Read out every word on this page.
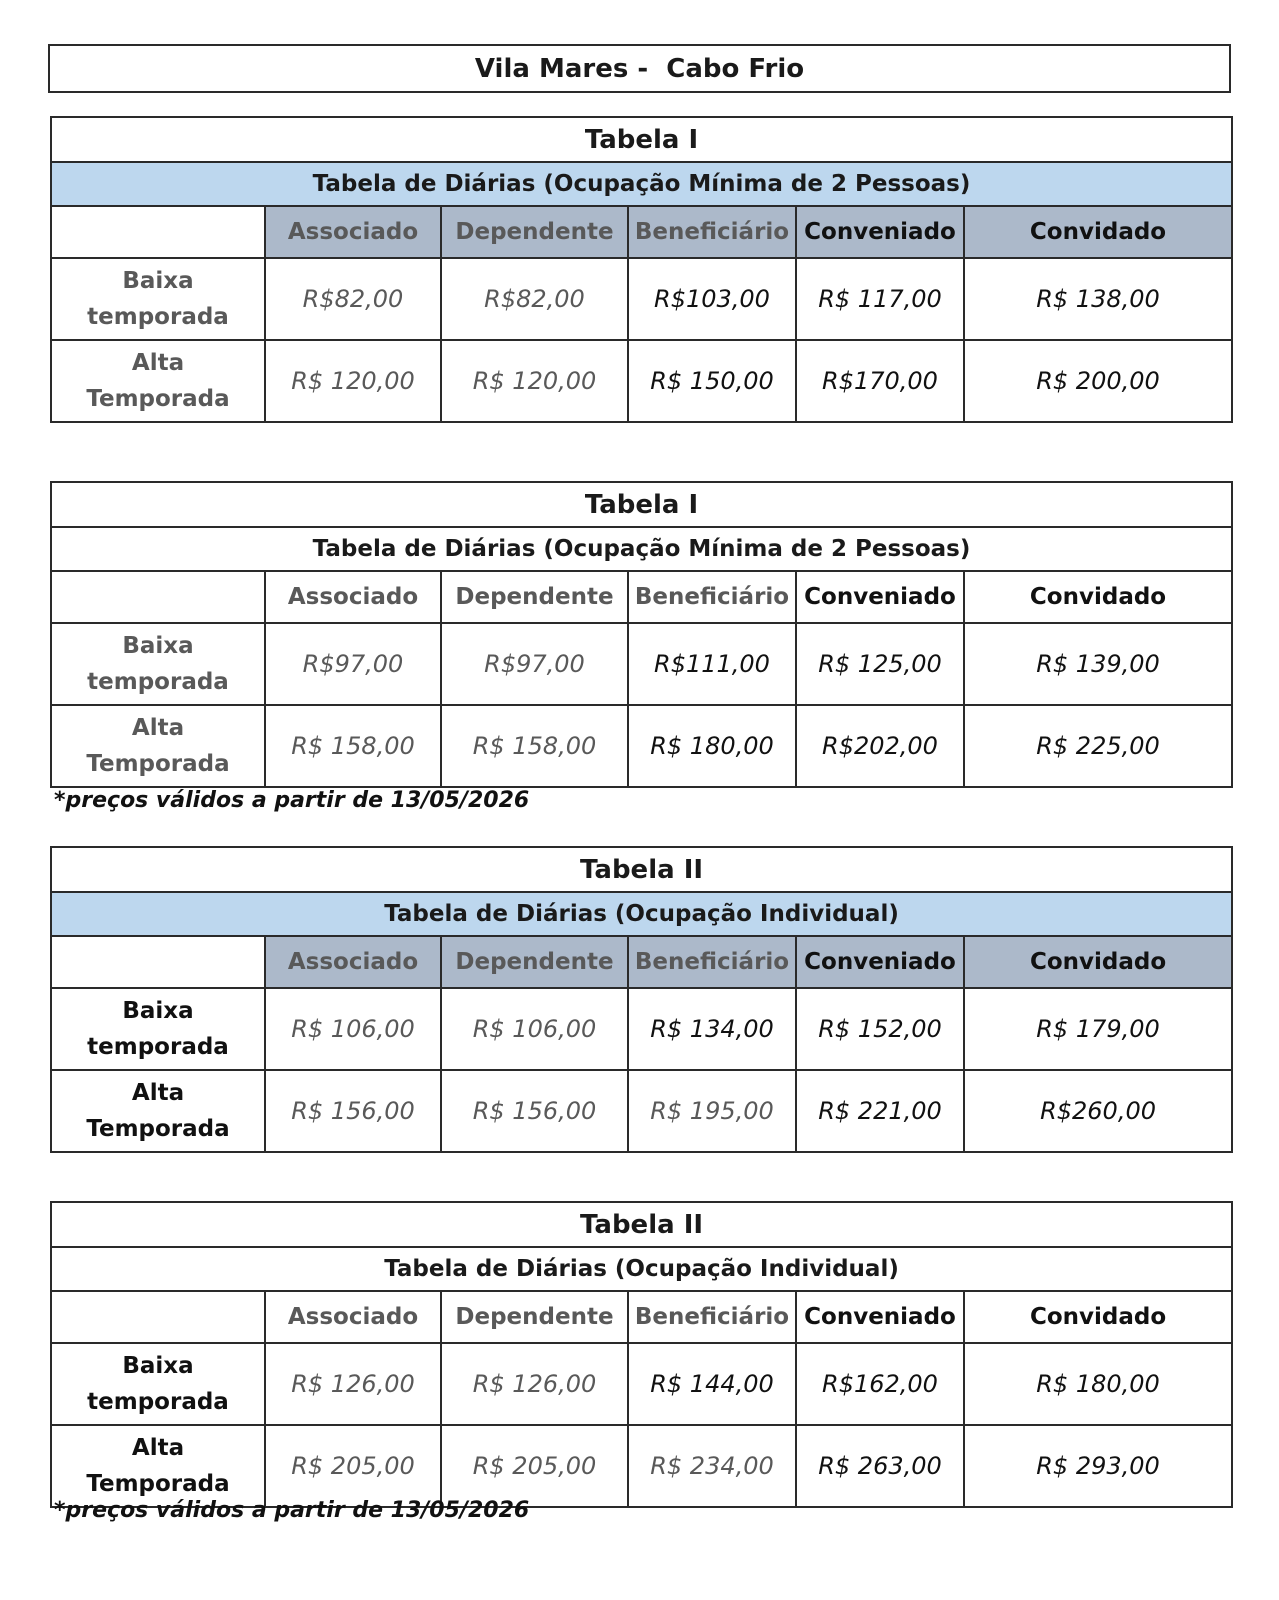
Vila Mares -  Cabo Frio
Tabela I					
Tabela de Diárias (Ocupação Mínima de 2 Pessoas)					
	Associado	Dependente	Beneficiário	Conveniado	Convidado

Baixa
temporada	R$82,00	R$82,00	R$103,00	R$ 117,00	R$ 138,00

Alta
Temporada	R$ 120,00	R$ 120,00	R$ 150,00	R$170,00	R$ 200,00
Tabela I					
Tabela de Diárias (Ocupação Mínima de 2 Pessoas)					
	Associado	Dependente	Beneficiário	Conveniado	Convidado

Baixa
temporada	R$97,00	R$97,00	R$111,00	R$ 125,00	R$ 139,00

Alta
Temporada	R$ 158,00	R$ 158,00	R$ 180,00	R$202,00	R$ 225,00
*preços válidos a partir de 13/05/2026
Tabela II					
Tabela de Diárias (Ocupação Individual)					
	Associado	Dependente	Beneficiário	Conveniado	Convidado

Baixa
temporada	R$ 106,00	R$ 106,00	R$ 134,00	R$ 152,00	R$ 179,00

Alta
Temporada	R$ 156,00	R$ 156,00	R$ 195,00	R$ 221,00	R$260,00
Tabela II					
Tabela de Diárias (Ocupação Individual)					
	Associado	Dependente	Beneficiário	Conveniado	Convidado

Baixa
temporada	R$ 126,00	R$ 126,00	R$ 144,00	R$162,00	R$ 180,00

Alta
Temporada	R$ 205,00	R$ 205,00	R$ 234,00	R$ 263,00	R$ 293,00
*preços válidos a partir de 13/05/2026
